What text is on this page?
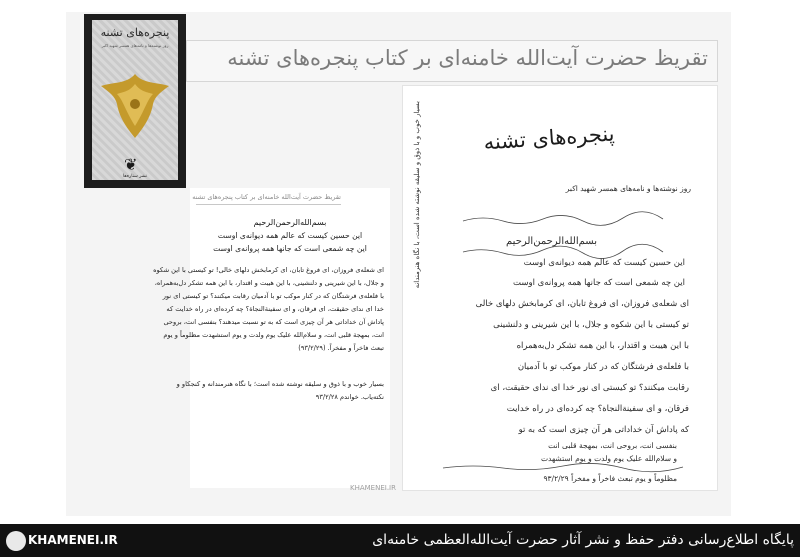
تقریظ حضرت آیت‌الله خامنه‌ای بر کتاب پنجره‌های تشنه
پنجره‌های تشنه
روز نوشته‌ها و نامه‌های همسر شهید اکبر
❦
نشر ستاره‌ها
تقریظ حضرت آیت‌الله خامنه‌ای بر کتاب پنجره‌های تشنه
بسم‌الله‌الرحمن‌الرحیم
این حسین کیست که عالم همه دیوانه‌ی اوست
این چه شمعی است که جانها همه پروانه‌ی اوست
ای شعله‌ی فروزان، ای فروغ تابان، ای کرمابخش دلهای خالی! تو کیستی با این شکوه
و جلال، با این شیرینی و دلنشینی، با این هیبت و اقتدار، با این همه تشکر دل‌به‌همراه،
با فلعله‌ی فرشتگان که در کنار موکب تو با آدمیان رقابت میکنند؟ تو کیستی ای نور
خدا ای ندای حقیقت، ای فرقان، و ای سفینةالنجاة؟ چه کرده‌ای در راه خدایت که
پاداش آن خداداتی هر آن چیزی است که به تو نسبت میدهند؟ بنفسی انت، بروحی
انت، بمهجة قلبی انت، و سلام‌الله علیک یوم ولدت و یوم استشهدت مظلوماً و یوم
تبعث فاخراً و مفخراً. (۹۳/۲/۲۹)
بسیار خوب و با ذوق و سلیقه نوشته شده است؛ با نگاه هنرمندانه و کنجکاو و
نکته‌یاب. خواندم ۹۳/۲/۲۸
KHAMENEI.IR
بسیار خوب و با ذوق و سلیقه نوشته شده است، با نگاه هنرمندانه	پنجره‌های تشنه
روز نوشته‌ها و نامه‌های همسر شهید اکبر
بسم‌الله‌الرحمن‌الرحیم
این حسین کیست که عالم همه دیوانه‌ی اوست
این چه شمعی است که جانها همه پروانه‌ی اوست
ای شعله‌ی فروزان، ای فروغ تابان، ای کرمابخش دلهای خالی
تو کیستی با این شکوه و جلال، با این شیرینی و دلنشینی
با این هیبت و اقتدار، با این همه تشکر دل‌به‌همراه
با فلعله‌ی فرشتگان که در کنار موکب تو با آدمیان
رقابت میکنند؟ تو کیستی ای نور خدا ای ندای حقیقت، ای
فرقان، و ای سفینةالنجاة؟ چه کرده‌ای در راه خدایت
که پاداش آن خداداتی هر آن چیزی است که به تو
بنفسی انت، بروحی انت، بمهجة قلبی انت
و سلام‌الله علیک یوم ولدت و یوم استشهدت
مظلوماً و یوم تبعث فاخراً و مفخراً ۹۳/۲/۲۹
KHAMENEI.IR	پایگاه اطلاع‌رسانی دفتر حفظ و نشر آثار حضرت آیت‌الله‌العظمی خامنه‌ای
